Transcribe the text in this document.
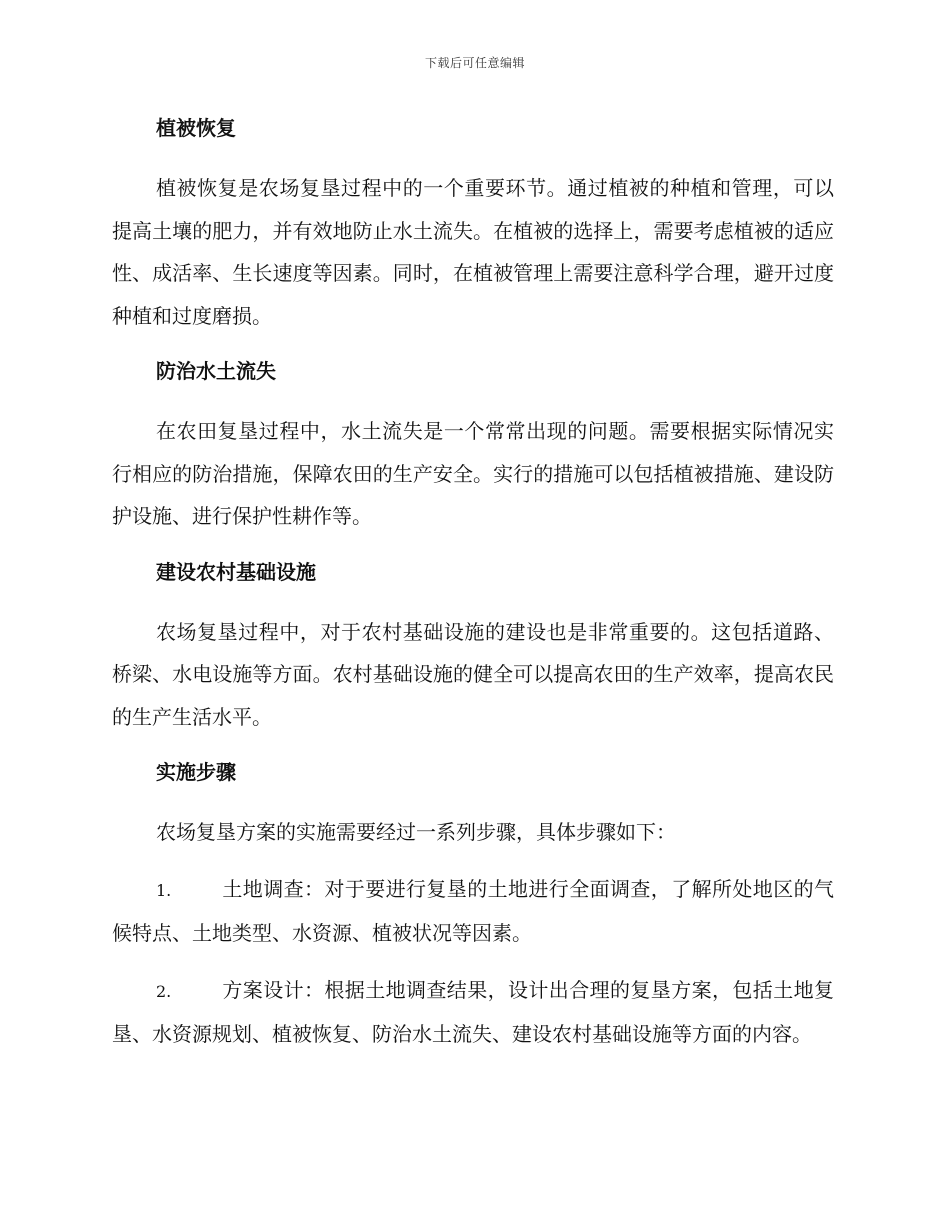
下载后可任意编辑
植被恢复

植被恢复是农场复垦过程中的一个重要环节。通过植被的种植和管理，可以提高土壤的肥力，并有效地防止水土流失。在植被的选择上，需要考虑植被的适应性、成活率、生长速度等因素。同时，在植被管理上需要注意科学合理，避开过度种植和过度磨损。

防治水土流失

在农田复垦过程中，水土流失是一个常常出现的问题。需要根据实际情况实行相应的防治措施，保障农田的生产安全。实行的措施可以包括植被措施、建设防护设施、进行保护性耕作等。

建设农村基础设施

农场复垦过程中，对于农村基础设施的建设也是非常重要的。这包括道路、桥梁、水电设施等方面。农村基础设施的健全可以提高农田的生产效率，提高农民的生产生活水平。

实施步骤

农场复垦方案的实施需要经过一系列步骤，具体步骤如下：

1.	土地调查：对于要进行复垦的土地进行全面调查，了解所处地区的气候特点、土地类型、水资源、植被状况等因素。

2.	方案设计：根据土地调查结果，设计出合理的复垦方案，包括土地复垦、水资源规划、植被恢复、防治水土流失、建设农村基础设施等方面的内容。
